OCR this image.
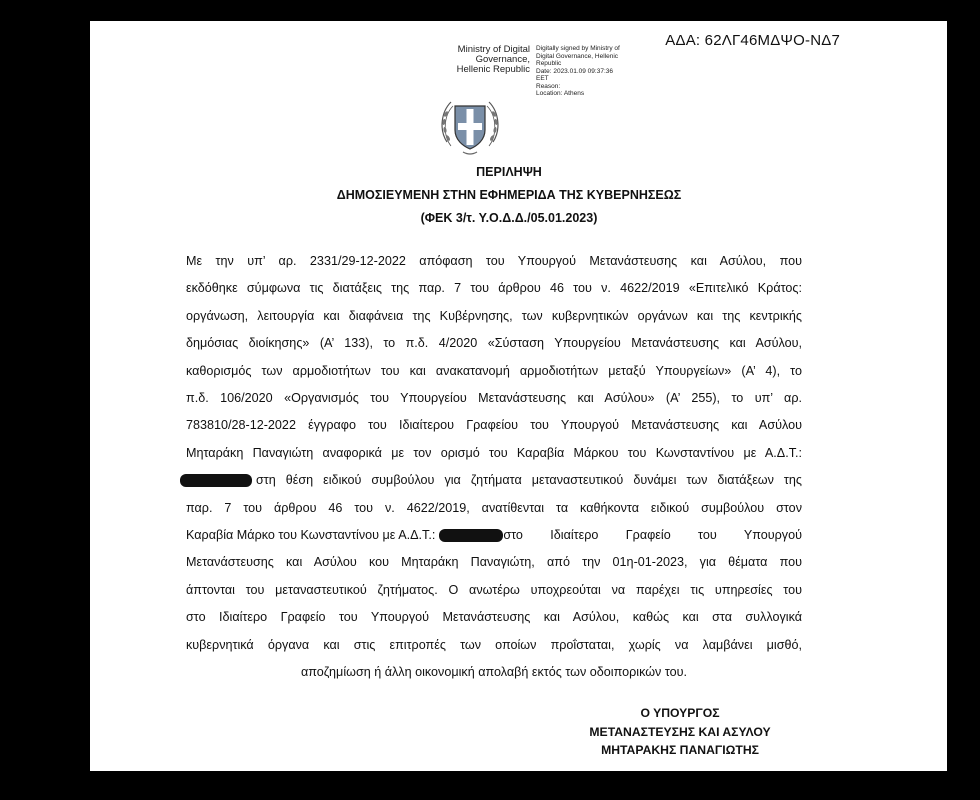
ΑΔΑ: 62ΛΓ46ΜΔΨΟ-ΝΔ7
Ministry of Digital Governance, Hellenic Republic
Digitally signed by Ministry of Digital Governance, Hellenic Republic
Date: 2023.01.09 09:37:36 EET
Reason:
Location: Athens
ΠΕΡΙΛΗΨΗ
ΔΗΜΟΣΙΕΥΜΕΝΗ ΣΤΗΝ ΕΦΗΜΕΡΙΔΑ ΤΗΣ ΚΥΒΕΡΝΗΣΕΩΣ
(ΦΕΚ 3/τ. Υ.Ο.Δ.Δ./05.01.2023)
Με την υπ’ αρ. 2331/29-12-2022 απόφαση του Υπουργού Μετανάστευσης και Ασύλου, που
εκδόθηκε σύμφωνα τις διατάξεις της παρ. 7 του άρθρου 46 του ν. 4622/2019 «Επιτελικό Κράτος:
οργάνωση, λειτουργία και διαφάνεια της Κυβέρνησης, των κυβερνητικών οργάνων και της κεντρικής
δημόσιας διοίκησης» (Α’ 133), το π.δ. 4/2020 «Σύσταση Υπουργείου Μετανάστευσης και Ασύλου,
καθορισμός των αρμοδιοτήτων του και ανακατανομή αρμοδιοτήτων μεταξύ Υπουργείων» (Α’ 4), το
π.δ. 106/2020 «Οργανισμός του Υπουργείου Μετανάστευσης και Ασύλου» (Α’ 255), το υπ’ αρ.
783810/28-12-2022 έγγραφο του Ιδιαίτερου Γραφείου του Υπουργού Μετανάστευσης και Ασύλου
Μηταράκη Παναγιώτη αναφορικά με τον ορισμό του Καραβία Μάρκου του Κωνσταντίνου με Α.Δ.Τ.:
στη θέση ειδικού συμβούλου για ζητήματα μεταναστευτικού δυνάμει των διατάξεων της
παρ. 7 του άρθρου 46 του ν. 4622/2019, ανατίθενται τα καθήκοντα ειδικού συμβούλου στον
Καραβία Μάρκο του Κωνσταντίνου με Α.Δ.Τ.:	στο Ιδιαίτερο Γραφείο του Υπουργού
Μετανάστευσης και Ασύλου κου Μηταράκη Παναγιώτη, από την 01η-01-2023, για θέματα που
άπτονται του μεταναστευτικού ζητήματος. Ο ανωτέρω υποχρεούται να παρέχει τις υπηρεσίες του
στο Ιδιαίτερο Γραφείο του Υπουργού Μετανάστευσης και Ασύλου, καθώς και στα συλλογικά
κυβερνητικά όργανα και στις επιτροπές των οποίων προΐσταται, χωρίς να λαμβάνει μισθό,
αποζημίωση ή άλλη οικονομική απολαβή εκτός των οδοιπορικών του.
Ο ΥΠΟΥΡΓΟΣ
ΜΕΤΑΝΑΣΤΕΥΣΗΣ ΚΑΙ ΑΣΥΛΟΥ
ΜΗΤΑΡΑΚΗΣ ΠΑΝΑΓΙΩΤΗΣ
